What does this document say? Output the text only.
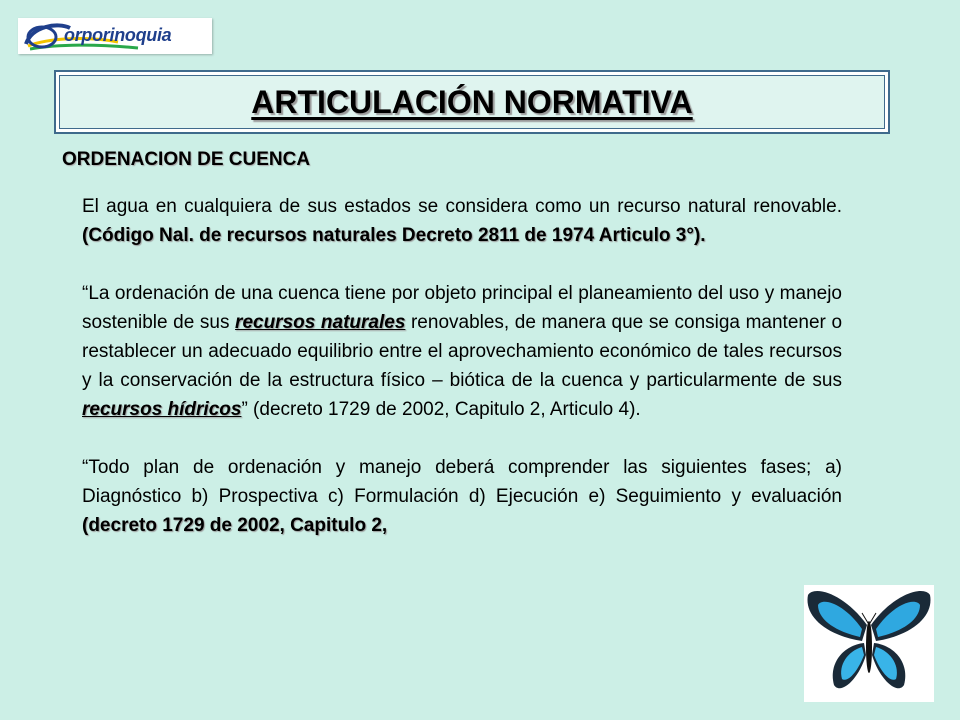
orporinoquia
ARTICULACIÓN NORMATIVA
ORDENACION DE CUENCA

El agua en cualquiera de sus estados se considera como un recurso natural renovable. (Código Nal. de recursos naturales Decreto 2811 de 1974 Articulo 3°).

“La ordenación de una cuenca tiene por objeto principal el planeamiento del uso y manejo sostenible de sus recursos naturales renovables, de manera que se consiga mantener o restablecer un adecuado equilibrio entre el aprovechamiento económico de tales recursos y la conservación de la estructura físico – biótica de la cuenca y particularmente de sus recursos hídricos” (decreto 1729 de 2002, Capitulo 2, Articulo 4).

“Todo plan de ordenación y manejo deberá comprender las siguientes fases; a) Diagnóstico b) Prospectiva c) Formulación d) Ejecución e) Seguimiento y evaluación (decreto 1729 de 2002, Capitulo 2,
